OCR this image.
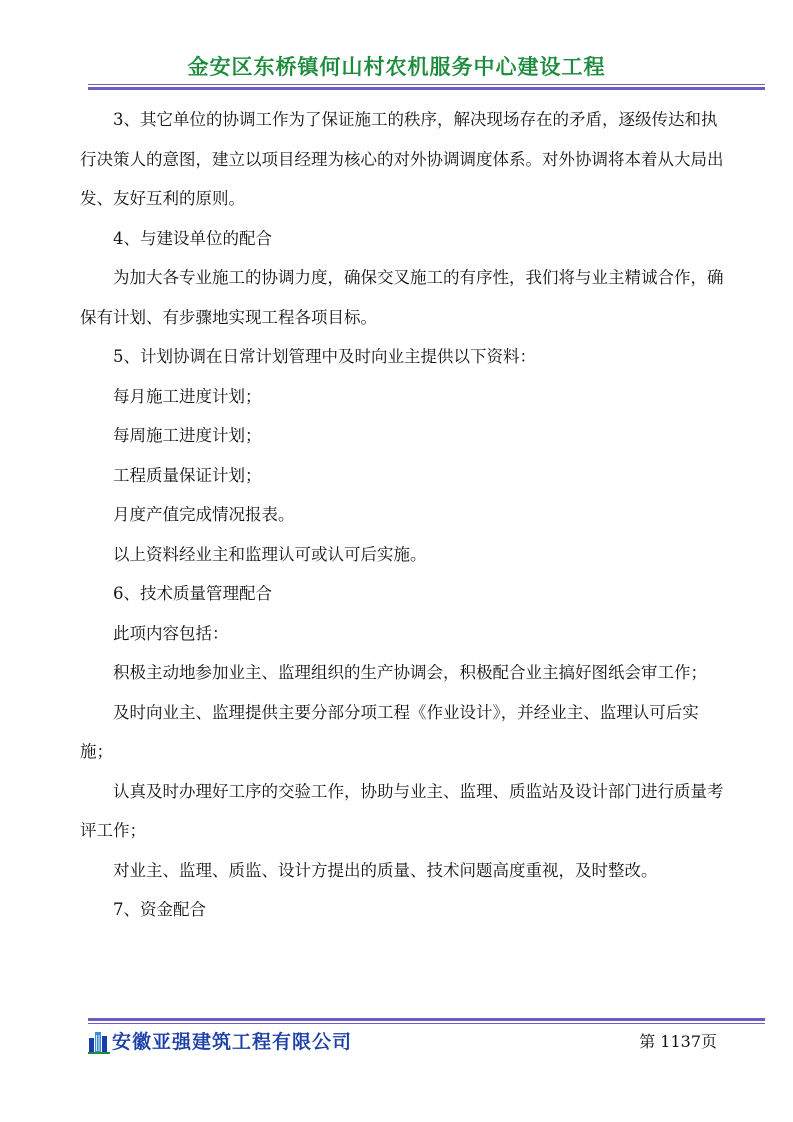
金安区东桥镇何山村农机服务中心建设工程

3、其它单位的协调工作为了保证施工的秩序，解决现场存在的矛盾，逐级传达和执行决策人的意图，建立以项目经理为核心的对外协调调度体系。对外协调将本着从大局出发、友好互利的原则。

4、与建设单位的配合

为加大各专业施工的协调力度，确保交叉施工的有序性，我们将与业主精诚合作，确保有计划、有步骤地实现工程各项目标。

5、计划协调在日常计划管理中及时向业主提供以下资料：

每月施工进度计划；

每周施工进度计划；

工程质量保证计划；

月度产值完成情况报表。

以上资料经业主和监理认可或认可后实施。

6、技术质量管理配合

此项内容包括：

积极主动地参加业主、监理组织的生产协调会，积极配合业主搞好图纸会审工作；

及时向业主、监理提供主要分部分项工程《作业设计》，并经业主、监理认可后实施；

认真及时办理好工序的交验工作，协助与业主、监理、质监站及设计部门进行质量考评工作；

对业主、监理、质监、设计方提出的质量、技术问题高度重视，及时整改。

7、资金配合

安徽亚强建筑工程有限公司	第 1137页
